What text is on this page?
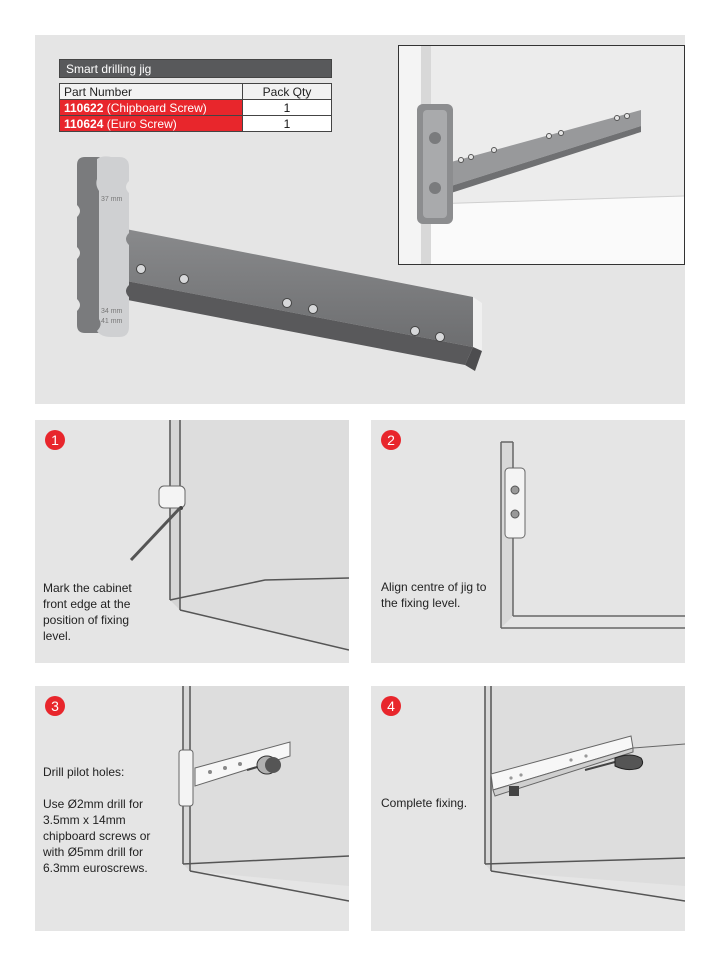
Smart drilling jig
Part Number	Pack Qty
110622 (Chipboard Screw)	1
110624 (Euro Screw)	1
37 mm
34 mm
41 mm
1
Mark the cabinet
front edge at the
position of fixing
level.
2
Align centre of jig to
the fixing level.
3
Drill pilot holes:

Use Ø2mm drill for
3.5mm x 14mm
chipboard screws or
with Ø5mm drill for
6.3mm euroscrews.
4
Complete fixing.
